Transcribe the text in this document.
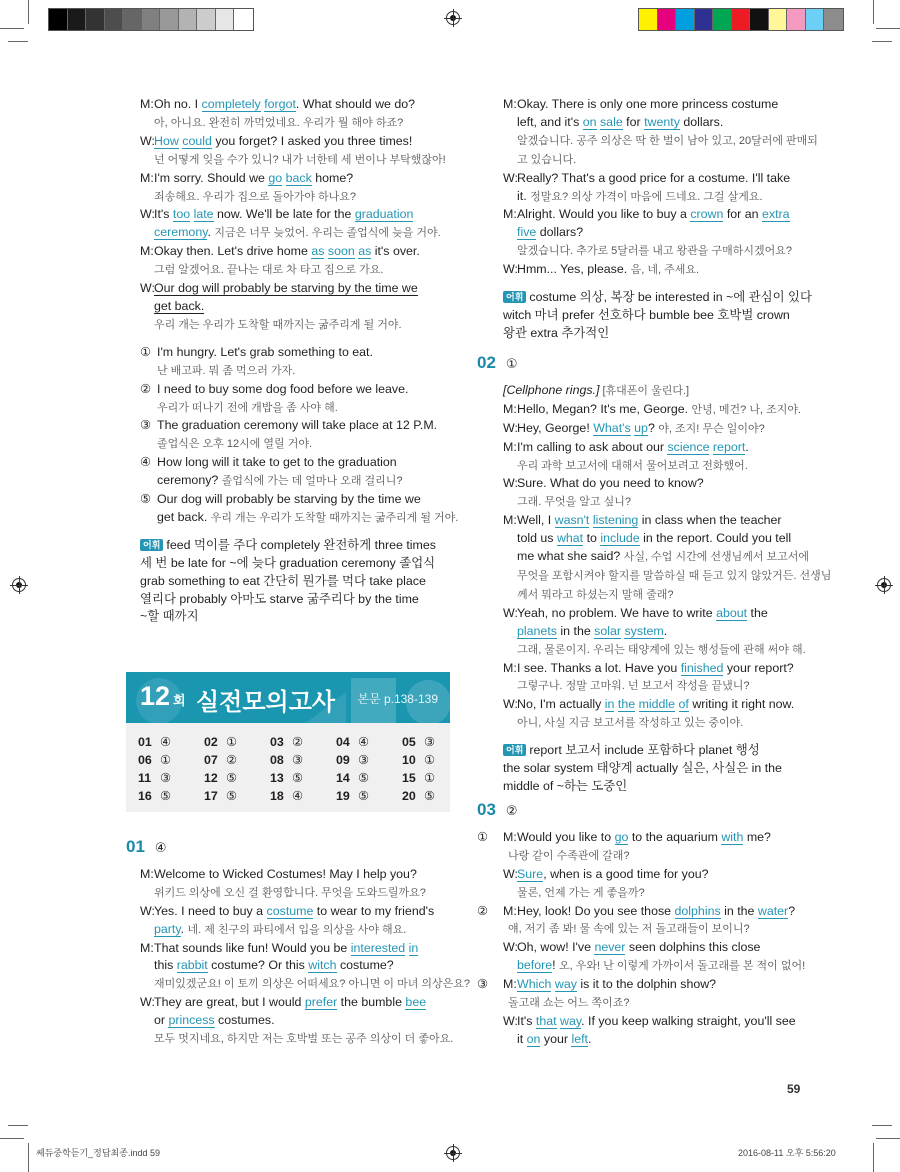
M:Oh no. I completely forgot. What should we do?
아, 아니요. 완전히 까먹었네요. 우리가 뭘 해야 하죠?
W:How could you forget? I asked you three times!
넌 어떻게 잊을 수가 있니? 내가 너한테 세 번이나 부탁했잖아!
M:I'm sorry. Should we go back home?
죄송해요. 우리가 집으로 돌아가야 하나요?
W:It's too late now. We'll be late for the graduation
ceremony. 지금은 너무 늦었어. 우리는 졸업식에 늦을 거야.
M:Okay then. Let's drive home as soon as it's over.
그럼 알겠어요. 끝나는 대로 차 타고 집으로 가요.
W:Our dog will probably be starving by the time we
get back.
우리 개는 우리가 도착할 때까지는 굶주리게 될 거야.
① I'm hungry. Let's grab something to eat.
난 배고파. 뭐 좀 먹으러 가자.
② I need to buy some dog food before we leave.
우리가 떠나기 전에 개밥을 좀 사야 해.
③ The graduation ceremony will take place at 12 P.M.
졸업식은 오후 12시에 열릴 거야.
④ How long will it take to get to the graduation
ceremony? 졸업식에 가는 데 얼마나 오래 걸리니?
⑤ Our dog will probably be starving by the time we
get back. 우리 개는 우리가 도착할 때까지는 굶주리게 될 거야.
어휘 feed 먹이를 주다 completely 완전하게 three times
세 번 be late for ~에 늦다 graduation ceremony 졸업식
grab something to eat 간단히 뭔가를 먹다 take place
열리다 probably 아마도 starve 굶주리다 by the time
~할 때까지
12 회 실전모의고사 본문 p.138-139
01 ④	02 ①	03 ②	04 ④	05 ③
06 ①	07 ②	08 ③	09 ③	10 ①
11 ③	12 ⑤	13 ⑤	14 ⑤	15 ①
16 ⑤	17 ⑤	18 ④	19 ⑤	20 ⑤
01 ④
M:Welcome to Wicked Costumes! May I help you?
위키드 의상에 오신 걸 환영합니다. 무엇을 도와드릴까요?
W:Yes. I need to buy a costume to wear to my friend's
party. 네. 제 친구의 파티에서 입을 의상을 사야 해요.
M:That sounds like fun! Would you be interested in
this rabbit costume? Or this witch costume?
재미있겠군요! 이 토끼 의상은 어떠세요? 아니면 이 마녀 의상은요?
W:They are great, but I would prefer the bumble bee
or princess costumes.
모두 멋지네요, 하지만 저는 호박벌 또는 공주 의상이 더 좋아요.
M:Okay. There is only one more princess costume
left, and it's on sale for twenty dollars.
알겠습니다. 공주 의상은 딱 한 벌이 남아 있고, 20달러에 판매되
고 있습니다.
W:Really? That's a good price for a costume. I'll take
it. 정말요? 의상 가격이 마음에 드네요. 그걸 살게요.
M:Alright. Would you like to buy a crown for an extra
five dollars?
알겠습니다. 추가로 5달러를 내고 왕관을 구매하시겠어요?
W:Hmm... Yes, please. 음, 네, 주세요.
어휘 costume 의상, 복장 be interested in ~에 관심이 있다
witch 마녀 prefer 선호하다 bumble bee 호박벌 crown
왕관 extra 추가적인
02 ①
[Cellphone rings.] [휴대폰이 울린다.]
M:Hello, Megan? It's me, George. 안녕, 메건? 나, 조지야.
W:Hey, George! What's up? 야, 조지! 무슨 일이야?
M:I'm calling to ask about our science report.
우리 과학 보고서에 대해서 물어보려고 전화했어.
W:Sure. What do you need to know?
그래. 무엇을 알고 싶니?
M:Well, I wasn't listening in class when the teacher
told us what to include in the report. Could you tell
me what she said? 사실, 수업 시간에 선생님께서 보고서에
무엇을 포함시켜야 할지를 말씀하실 때 듣고 있지 않았거든. 선생님
께서 뭐라고 하셨는지 말해 줄래?
W:Yeah, no problem. We have to write about the
planets in the solar system.
그래, 물론이지. 우리는 태양계에 있는 행성들에 관해 써야 해.
M:I see. Thanks a lot. Have you finished your report?
그렇구나. 정말 고마워. 넌 보고서 작성을 끝냈니?
W:No, I'm actually in the middle of writing it right now.
아니, 사실 지금 보고서를 작성하고 있는 중이야.
어휘 report 보고서 include 포함하다 planet 행성
the solar system 태양계 actually 실은, 사실은 in the
middle of ~하는 도중인
03 ②
① M:Would you like to go to the aquarium with me?
나랑 같이 수족관에 갈래?
W:Sure, when is a good time for you?
물론, 언제 가는 게 좋을까?
② M:Hey, look! Do you see those dolphins in the water?
얘, 저기 좀 봐! 물 속에 있는 저 돌고래들이 보이니?
W:Oh, wow! I've never seen dolphins this close
before! 오, 우와! 난 이렇게 가까이서 돌고래를 본 적이 없어!
③ M:Which way is it to the dolphin show?
돌고래 쇼는 어느 쪽이죠?
W:It's that way. If you keep walking straight, you'll see
it on your left.
59
쎄듀중학듣기_정답최종.indd 59	2016-08-11 오후 5:56:20
